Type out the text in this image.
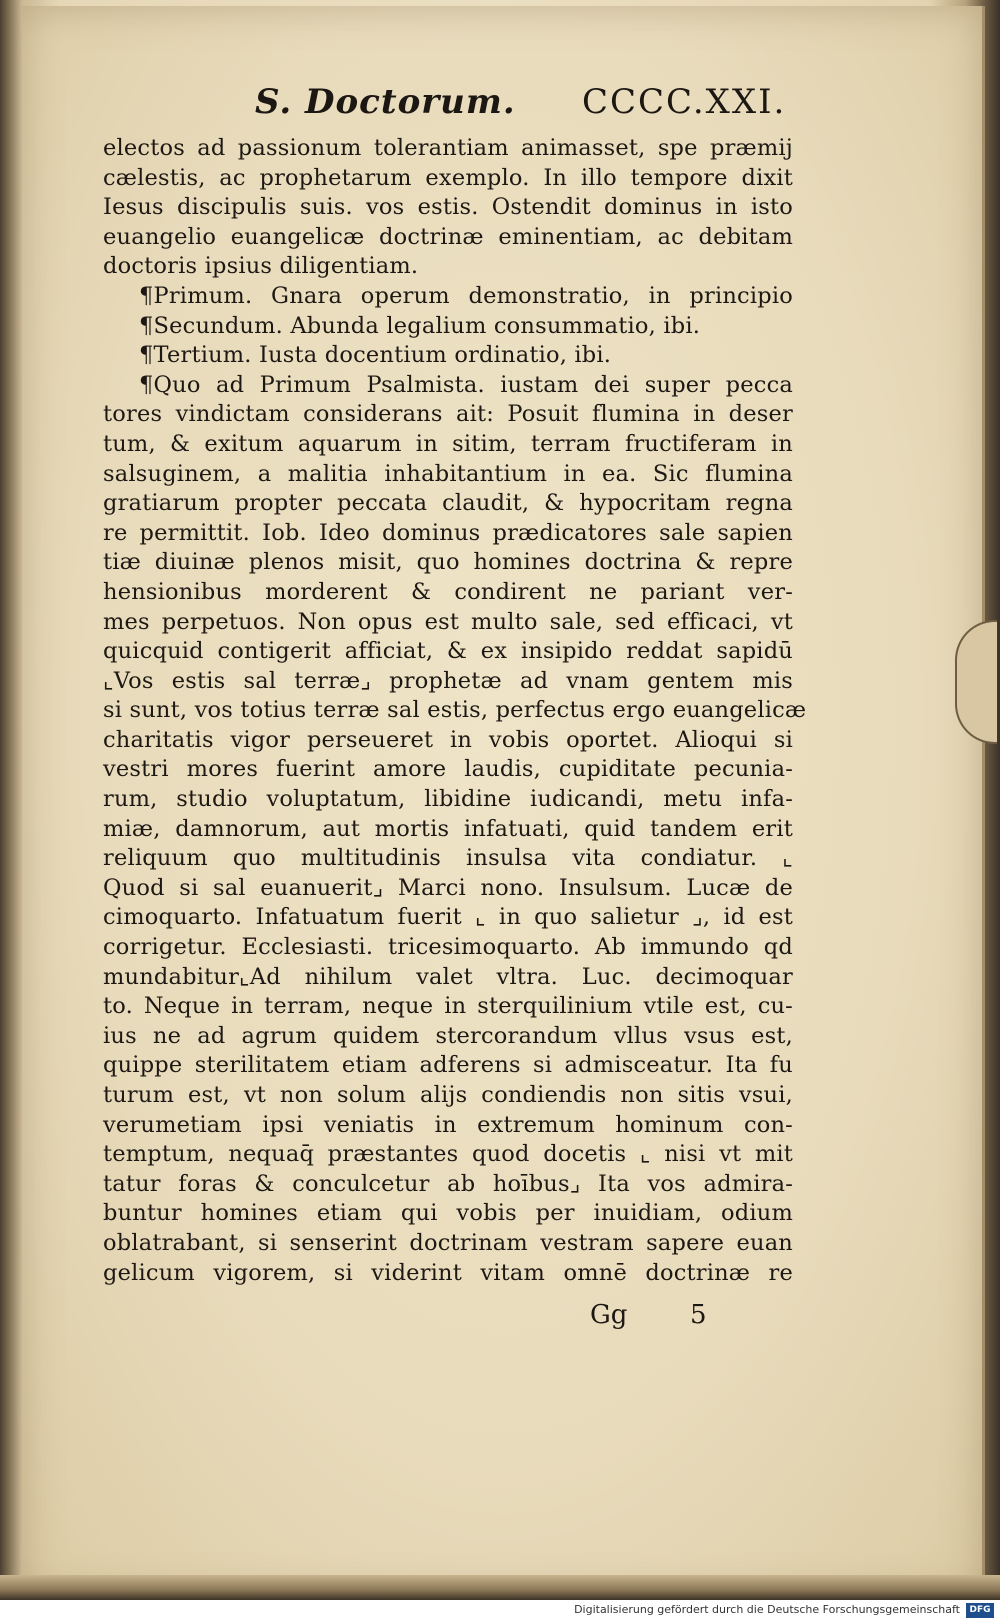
S. Doctorum. CCCC.XXI.
electos ad passionum tolerantiam animasset, spe præmij
cælestis, ac prophetarum exemplo. In illo tempore dixit
Iesus discipulis suis. vos estis. Ostendit dominus in isto
euangelio euangelicæ doctrinæ eminentiam, ac debitam
doctoris ipsius diligentiam.
¶Primum. Gnara operum demonstratio, in principio
¶Secundum. Abunda legalium consummatio, ibi.
¶Tertium. Iusta docentium ordinatio, ibi.
¶Quo ad Primum Psalmista. iustam dei super pecca
tores vindictam considerans ait: Posuit flumina in deser
tum, & exitum aquarum in sitim, terram fructiferam in
salsuginem, a malitia inhabitantium in ea. Sic flumina
gratiarum propter peccata claudit, & hypocritam regna
re permittit. Iob. Ideo dominus prædicatores sale sapien
tiæ diuinæ plenos misit, quo homines doctrina & repre
hensionibus morderent & condirent ne pariant ver-
mes perpetuos. Non opus est multo sale, sed efficaci, vt
quicquid contigerit afficiat, & ex insipido reddat sapidū
⌞Vos estis sal terræ⌟ prophetæ ad vnam gentem mis
si sunt, vos totius terræ sal estis, perfectus ergo euangelicæ
charitatis vigor perseueret in vobis oportet. Alioqui si
vestri mores fuerint amore laudis, cupiditate pecunia-
rum, studio voluptatum, libidine iudicandi, metu infa-
miæ, damnorum, aut mortis infatuati, quid tandem erit
reliquum quo multitudinis insulsa vita condiatur. ⌞
Quod si sal euanuerit⌟ Marci nono. Insulsum. Lucæ de
cimoquarto. Infatuatum fuerit ⌞ in quo salietur ⌟, id est
corrigetur. Ecclesiasti. tricesimoquarto. Ab immundo qd
mundabitur⌞Ad nihilum valet vltra. Luc. decimoquar
to. Neque in terram, neque in sterquilinium vtile est, cu-
ius ne ad agrum quidem stercorandum vllus vsus est,
quippe sterilitatem etiam adferens si admisceatur. Ita fu
turum est, vt non solum alijs condiendis non sitis vsui,
verumetiam ipsi veniatis in extremum hominum con-
temptum, nequaq̄ præstantes quod docetis ⌞ nisi vt mit
tatur foras & conculcetur ab hoībus⌟ Ita vos admira-
buntur homines etiam qui vobis per inuidiam, odium
oblatrabant, si senserint doctrinam vestram sapere euan
gelicum vigorem, si viderint vitam omnē doctrinæ re
Gg 5
Digitalisierung gefördert durch die Deutsche Forschungsgemeinschaft	DFG
